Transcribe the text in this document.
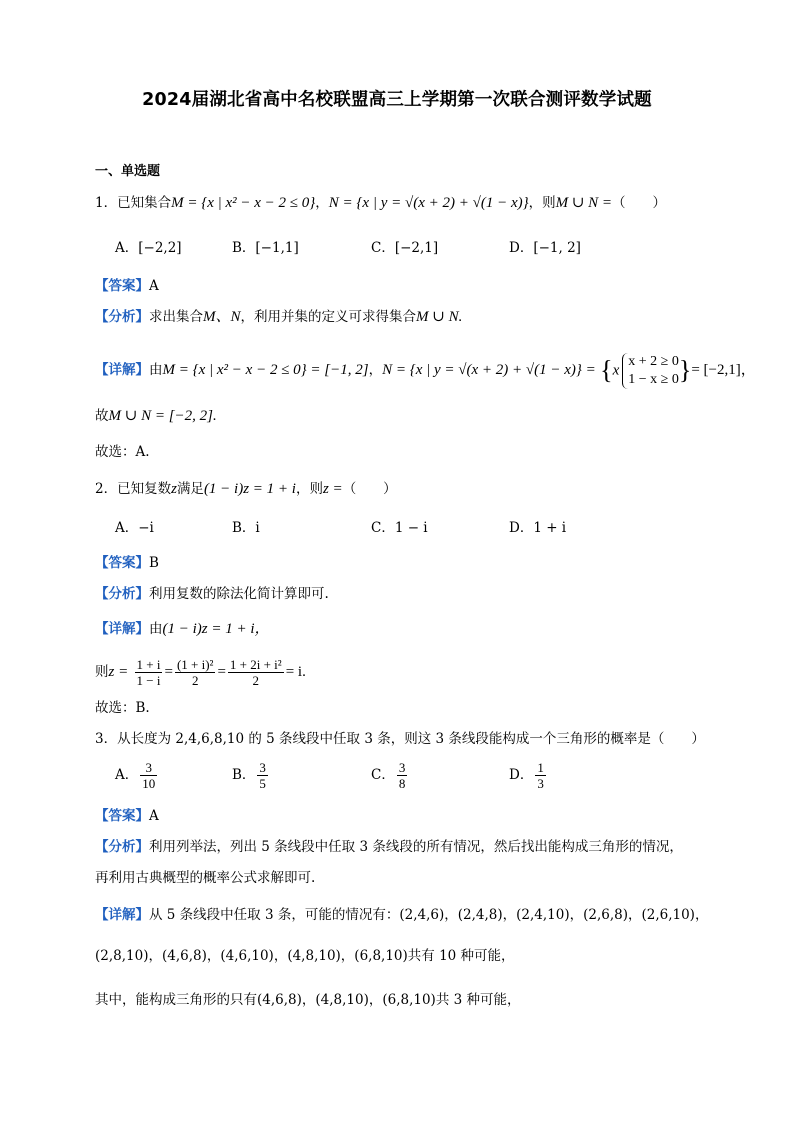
2024届湖北省高中名校联盟高三上学期第一次联合测评数学试题
一、单选题
1．已知集合M = {x | x² − x − 2 ≤ 0}，N = {x | y = √(x + 2) + √(1 − x)}，则M ∪ N =（　　）
A．[−2,2]	B．[−1,1]	C．[−2,1]	D．[−1, 2]
【答案】A
【分析】求出集合M、N，利用并集的定义可求得集合M ∪ N.
【详解】由M = {x | x² − x − 2 ≤ 0} = [−1, 2]，N = {x | y = √(x + 2) + √(1 − x)} = {x
x + 2 ≥ 0
1 − x ≥ 0 }= [−2,1]，
故M ∪ N = [−2, 2].
故选：A.
2．已知复数z满足(1 − i)z = 1 + i，则z =（　　）
A．−i	B．i	C．1 − i	D．1 + i
【答案】B
【分析】利用复数的除法化简计算即可.
【详解】由(1 − i)z = 1 + i，
则$z = \frac{1 + i}{1 - i} = \frac{\text{(1 + i)²}}{2} = \frac{\text{1 + 2i + i²}}{2} = i$.
故选：B.
3．从长度为 2,4,6,8,10 的 5 条线段中任取 3 条，则这 3 条线段能构成一个三角形的概率是（　　）
A． $\frac{3}{10}$	B． $\frac{3}{5}$	C． $\frac{3}{8}$	D． $\frac{1}{3}$
【答案】A
【分析】利用列举法，列出 5 条线段中任取 3 条线段的所有情况，然后找出能构成三角形的情况，
再利用古典概型的概率公式求解即可.
【详解】从 5 条线段中任取 3 条，可能的情况有：(2,4,6)，(2,4,8)，(2,4,10)，(2,6,8)，(2,6,10)，
(2,8,10)，(4,6,8)，(4,6,10)，(4,8,10)，(6,8,10)共有 10 种可能，
其中，能构成三角形的只有(4,6,8)，(4,8,10)，(6,8,10)共 3 种可能，
